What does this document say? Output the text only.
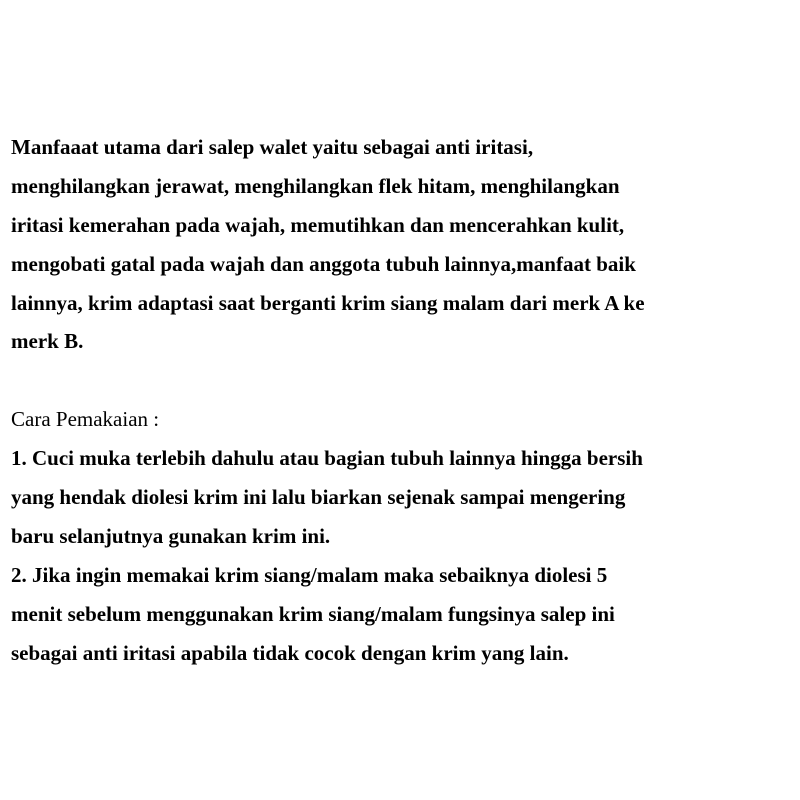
Manfaaat utama dari salep walet yaitu sebagai anti iritasi,
menghilangkan jerawat, menghilangkan flek hitam, menghilangkan
iritasi kemerahan pada wajah, memutihkan dan mencerahkan kulit,
mengobati gatal pada wajah dan anggota tubuh lainnya,manfaat baik
lainnya, krim adaptasi saat berganti krim siang malam dari merk A ke
merk B.
Cara Pemakaian :
1. Cuci muka terlebih dahulu atau bagian tubuh lainnya hingga bersih
yang hendak diolesi krim ini lalu biarkan sejenak sampai mengering
baru selanjutnya gunakan krim ini.
2. Jika ingin memakai krim siang/malam maka sebaiknya diolesi 5
menit sebelum menggunakan krim siang/malam fungsinya salep ini
sebagai anti iritasi apabila tidak cocok dengan krim yang lain.
